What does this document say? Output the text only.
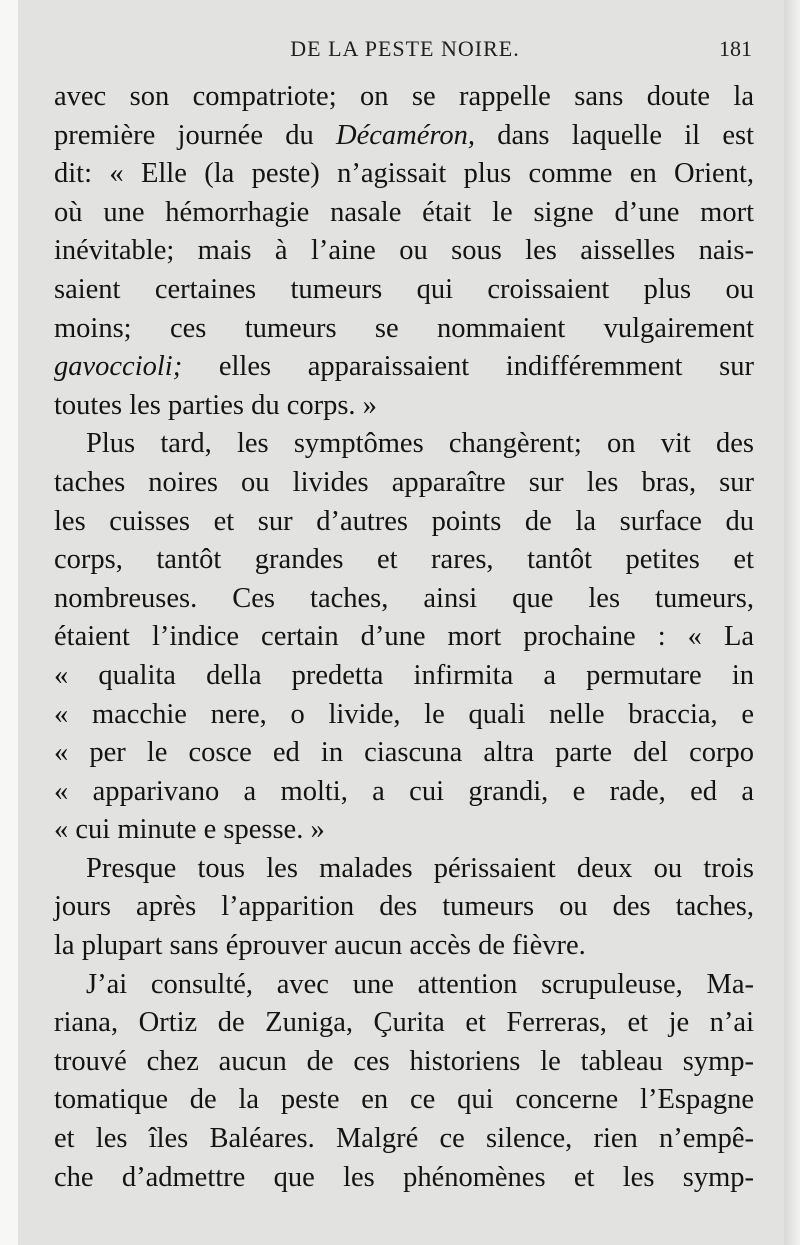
DE LA PESTE NOIRE.	181
avec son compatriote; on se rappelle sans doute la
première journée du Décaméron, dans laquelle il est
dit: « Elle (la peste) n’agissait plus comme en Orient,
où une hémorrhagie nasale était le signe d’une mort
inévitable; mais à l’aine ou sous les aisselles nais-
saient certaines tumeurs qui croissaient plus ou
moins; ces tumeurs se nommaient vulgairement
gavoccioli; elles apparaissaient indifféremment sur
toutes les parties du corps. »
Plus tard, les symptômes changèrent; on vit des
taches noires ou livides apparaître sur les bras, sur
les cuisses et sur d’autres points de la surface du
corps, tantôt grandes et rares, tantôt petites et
nombreuses. Ces taches, ainsi que les tumeurs,
étaient l’indice certain d’une mort prochaine : « La
« qualita della predetta infirmita a permutare in
« macchie nere, o livide, le quali nelle braccia, e
« per le cosce ed in ciascuna altra parte del corpo
« apparivano a molti, a cui grandi, e rade, ed a
« cui minute e spesse. »
Presque tous les malades périssaient deux ou trois
jours après l’apparition des tumeurs ou des taches,
la plupart sans éprouver aucun accès de fièvre.
J’ai consulté, avec une attention scrupuleuse, Ma-
riana, Ortiz de Zuniga, Çurita et Ferreras, et je n’ai
trouvé chez aucun de ces historiens le tableau symp-
tomatique de la peste en ce qui concerne l’Espagne
et les îles Baléares. Malgré ce silence, rien n’empê-
che d’admettre que les phénomènes et les symp-
